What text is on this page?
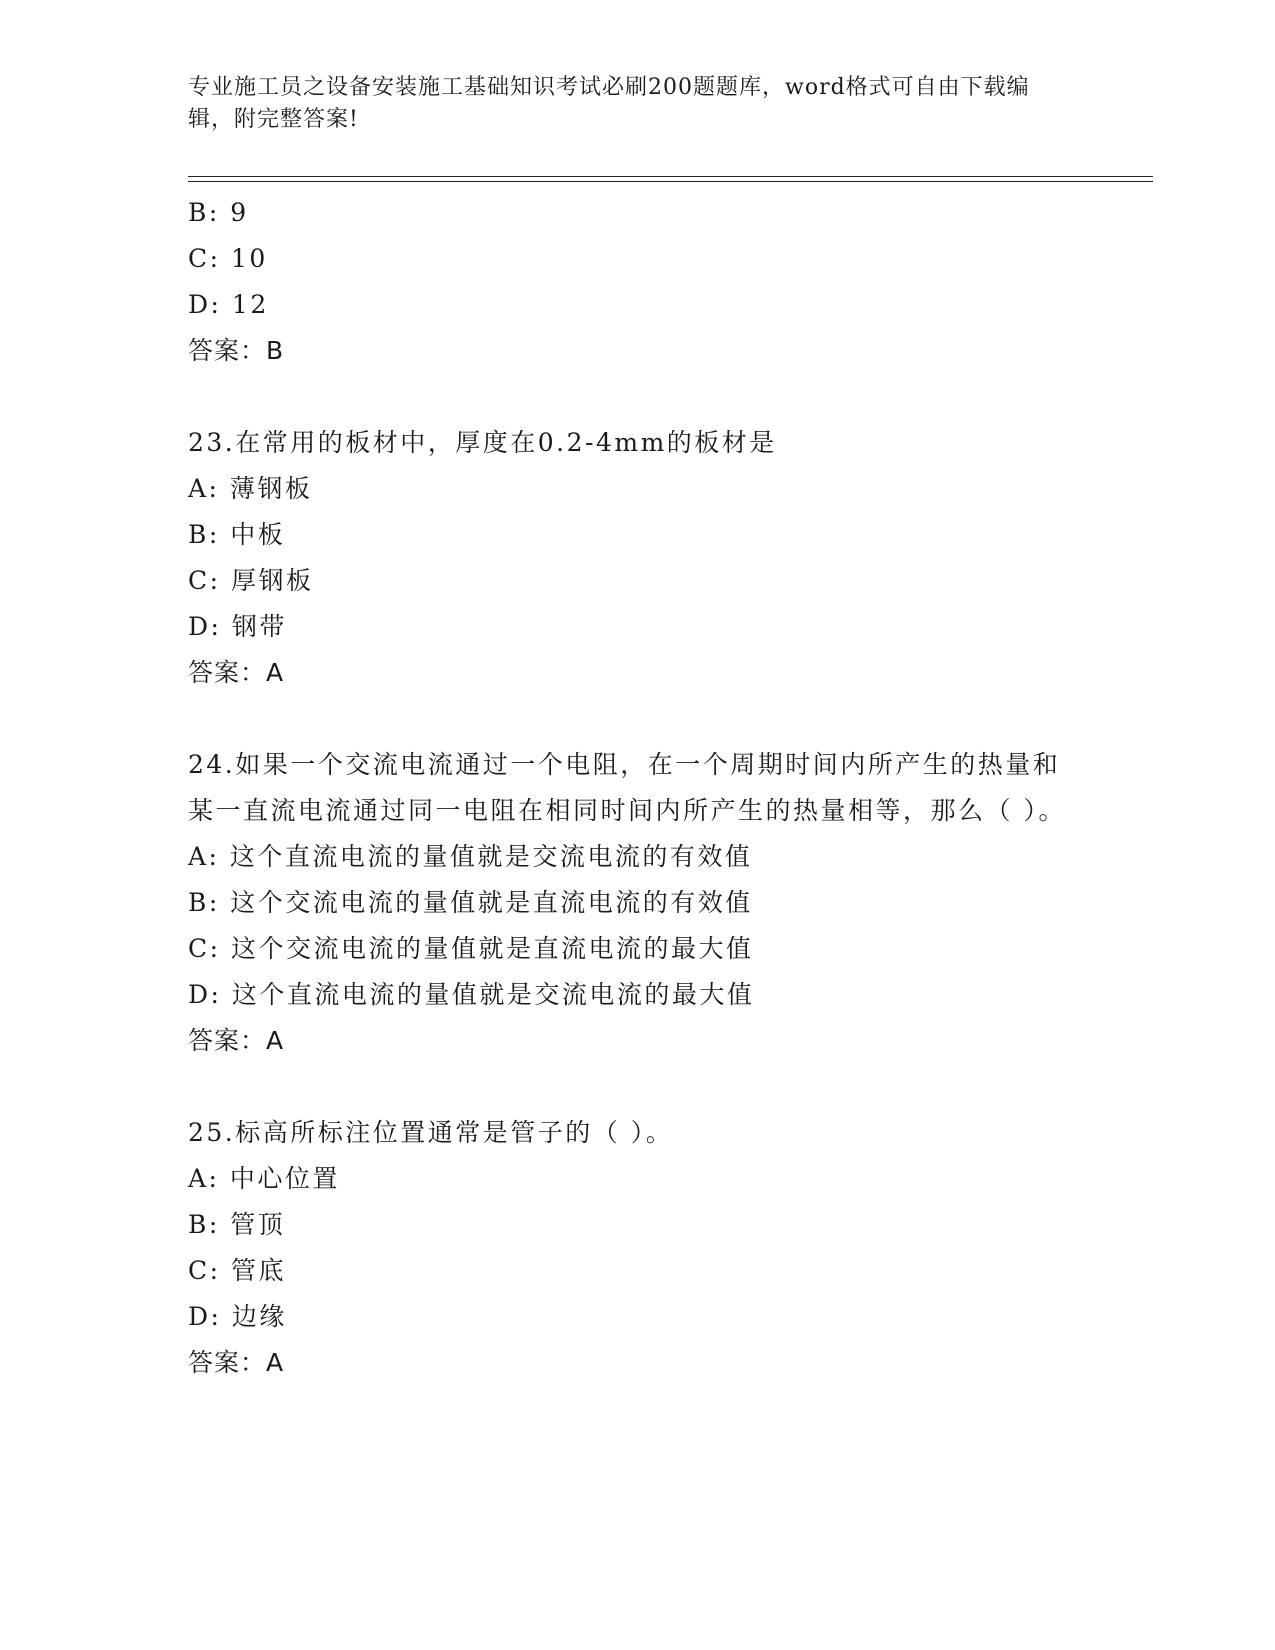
专业施工员之设备安装施工基础知识考试必刷200题题库，word格式可自由下载编辑，附完整答案!
B: 9
C: 10
D: 12
答案：B
23.在常用的板材中，厚度在0.2-4mm的板材是
A: 薄钢板
B: 中板
C: 厚钢板
D: 钢带
答案：A
24.如果一个交流电流通过一个电阻，在一个周期时间内所产生的热量和某一直流电流通过同一电阻在相同时间内所产生的热量相等，那么（ ）。
A: 这个直流电流的量值就是交流电流的有效值
B: 这个交流电流的量值就是直流电流的有效值
C: 这个交流电流的量值就是直流电流的最大值
D: 这个直流电流的量值就是交流电流的最大值
答案：A
25.标高所标注位置通常是管子的（ ）。
A: 中心位置
B: 管顶
C: 管底
D: 边缘
答案：A
